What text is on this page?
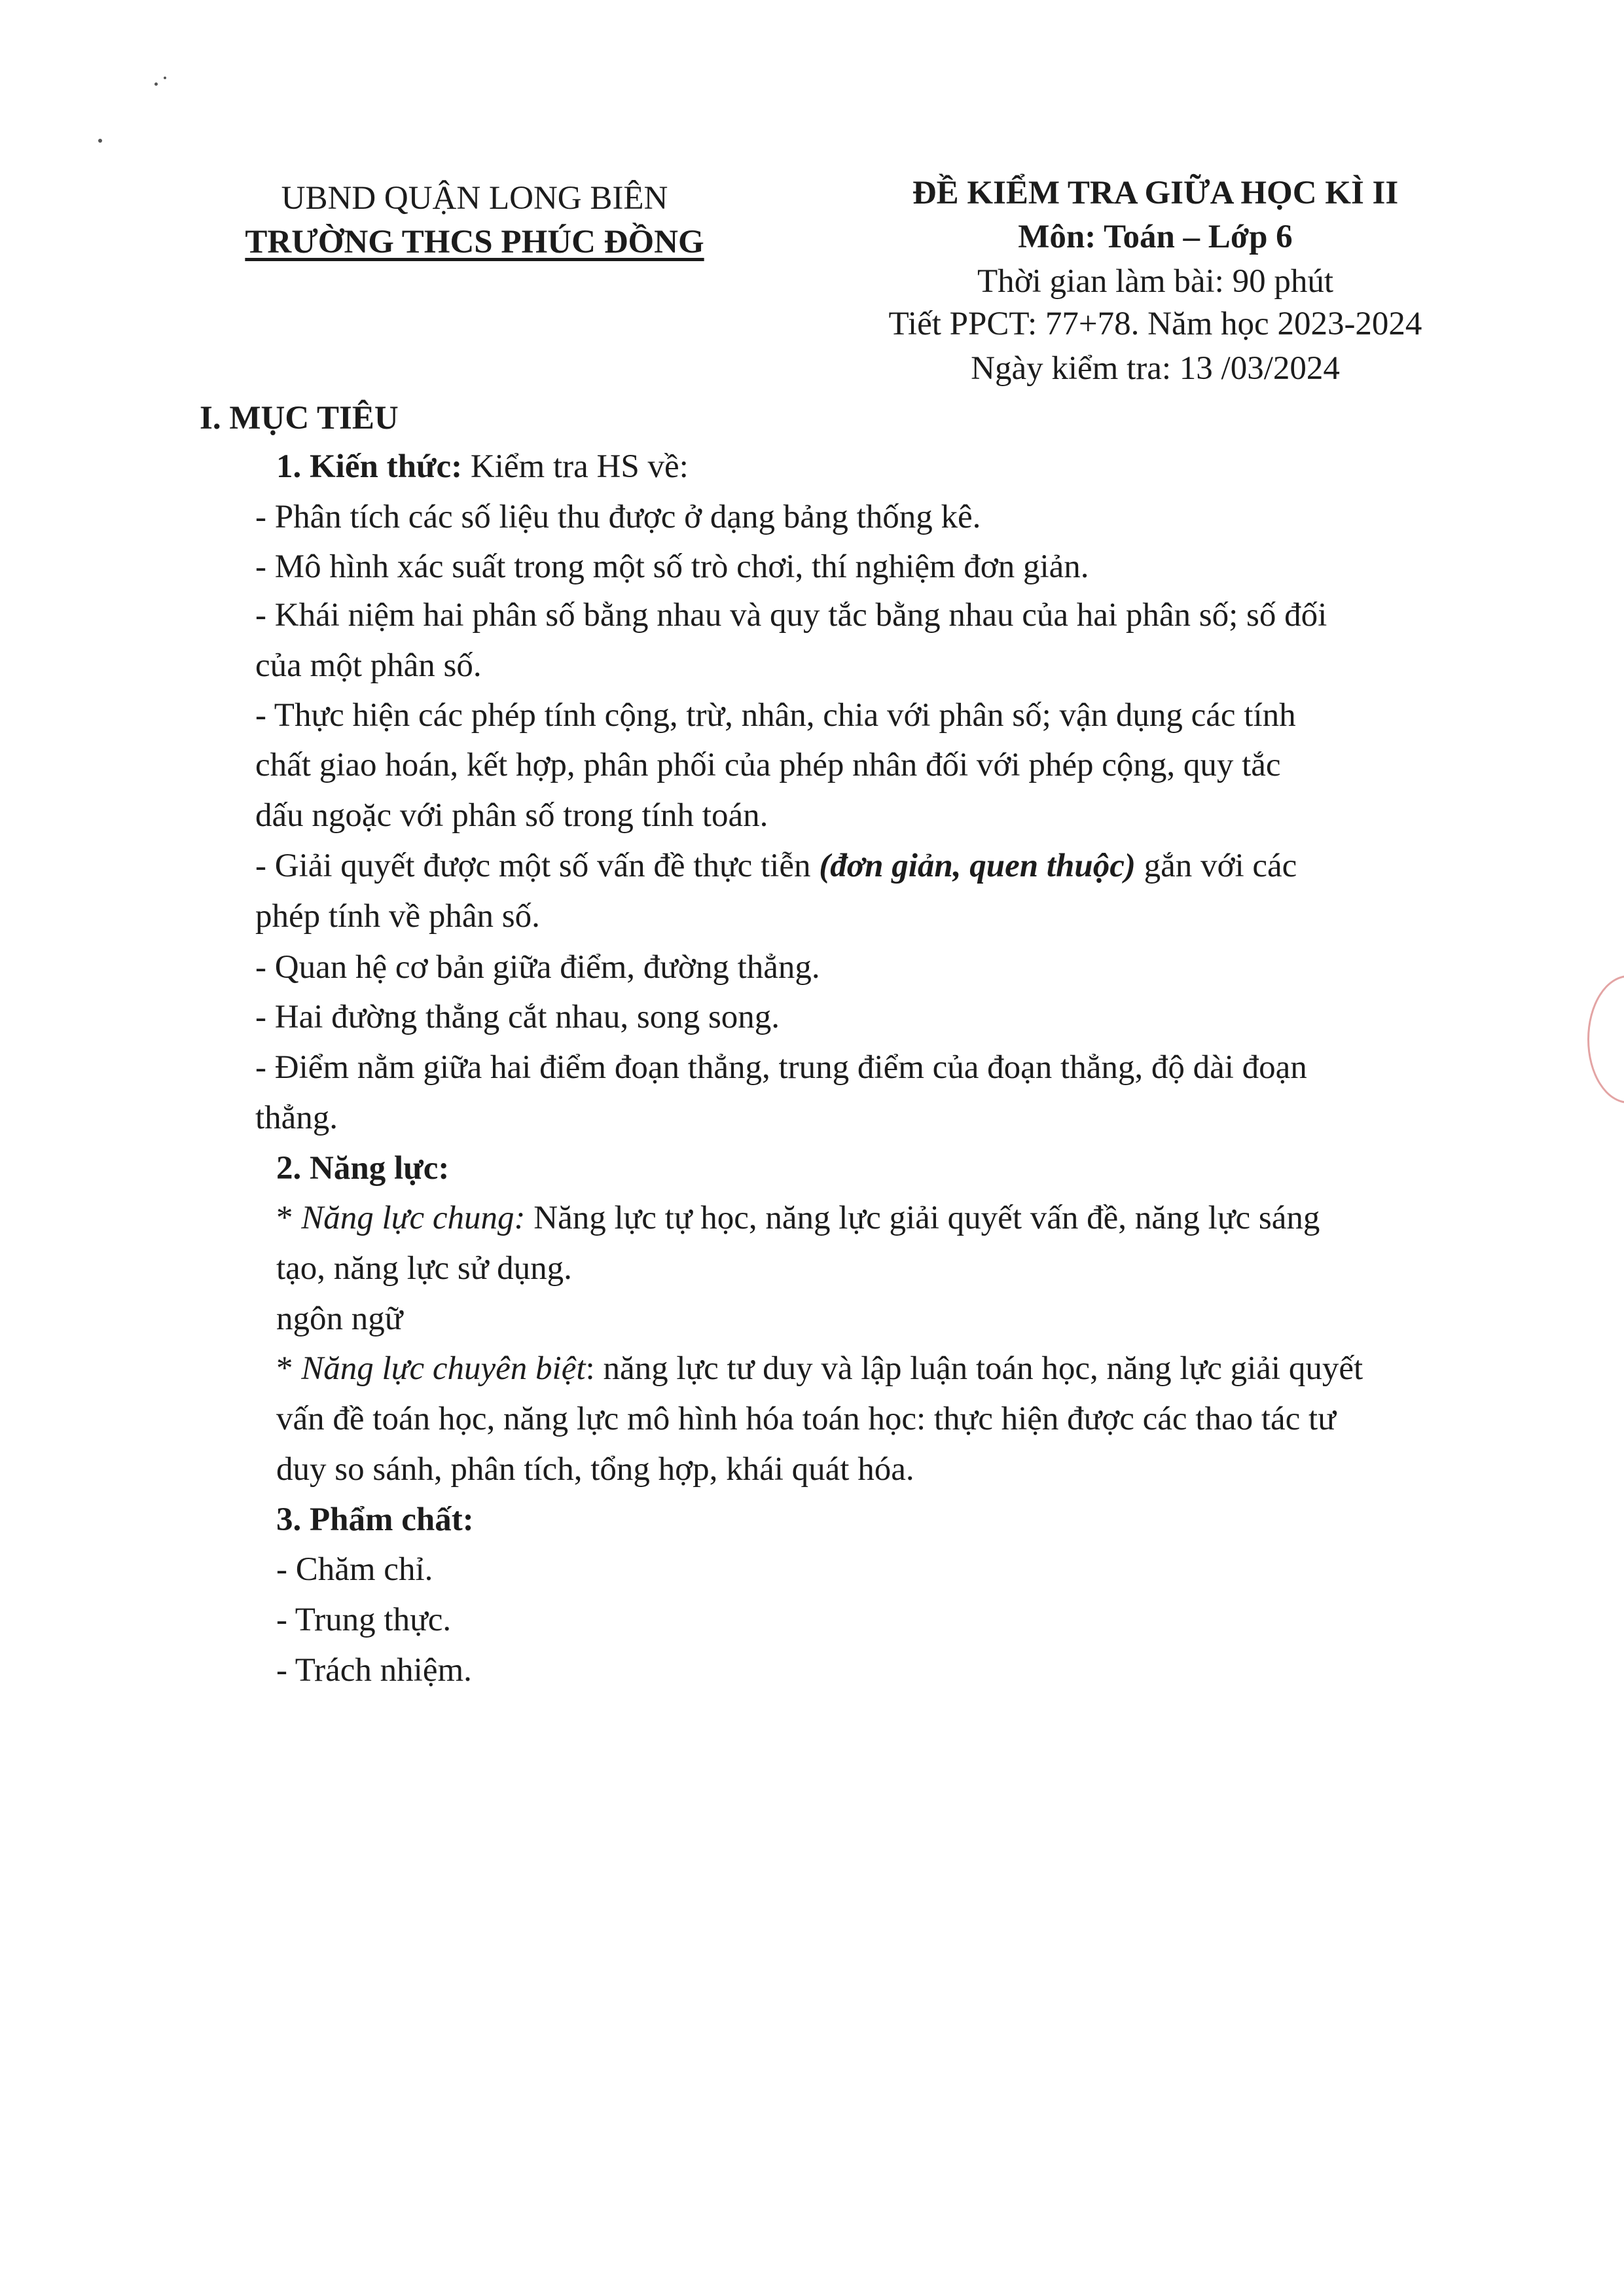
UBND QUẬN LONG BIÊN
TRƯỜNG THCS PHÚC ĐỒNG
ĐỀ KIỂM TRA GIỮA HỌC KÌ II
Môn: Toán – Lớp 6
Thời gian làm bài: 90 phút
Tiết PPCT: 77+78. Năm học 2023-2024
Ngày kiểm tra: 13 /03/2024
I. MỤC TIÊU
1. Kiến thức: Kiểm tra HS về:
- Phân tích các số liệu thu được ở dạng bảng thống kê.
- Mô hình xác suất trong một số trò chơi, thí nghiệm đơn giản.
- Khái niệm hai phân số bằng nhau và quy tắc bằng nhau của hai phân số; số đối
của một phân số.
- Thực hiện các phép tính cộng, trừ, nhân, chia với phân số; vận dụng các tính
chất giao hoán, kết hợp, phân phối của phép nhân đối với phép cộng, quy tắc
dấu ngoặc với phân số trong tính toán.
- Giải quyết được một số vấn đề thực tiễn (đơn giản, quen thuộc) gắn với các
phép tính về phân số.
- Quan hệ cơ bản giữa điểm, đường thẳng.
- Hai đường thẳng cắt nhau, song song.
- Điểm nằm giữa hai điểm đoạn thẳng, trung điểm của đoạn thẳng, độ dài đoạn
thẳng.
2. Năng lực:
* Năng lực chung: Năng lực tự học, năng lực giải quyết vấn đề, năng lực sáng
tạo, năng lực sử dụng.
ngôn ngữ
* Năng lực chuyên biệt: năng lực tư duy và lập luận toán học, năng lực giải quyết
vấn đề toán học, năng lực mô hình hóa toán học: thực hiện được các thao tác tư
duy so sánh, phân tích, tổng hợp, khái quát hóa.
3. Phẩm chất:
- Chăm chỉ.
- Trung thực.
- Trách nhiệm.
